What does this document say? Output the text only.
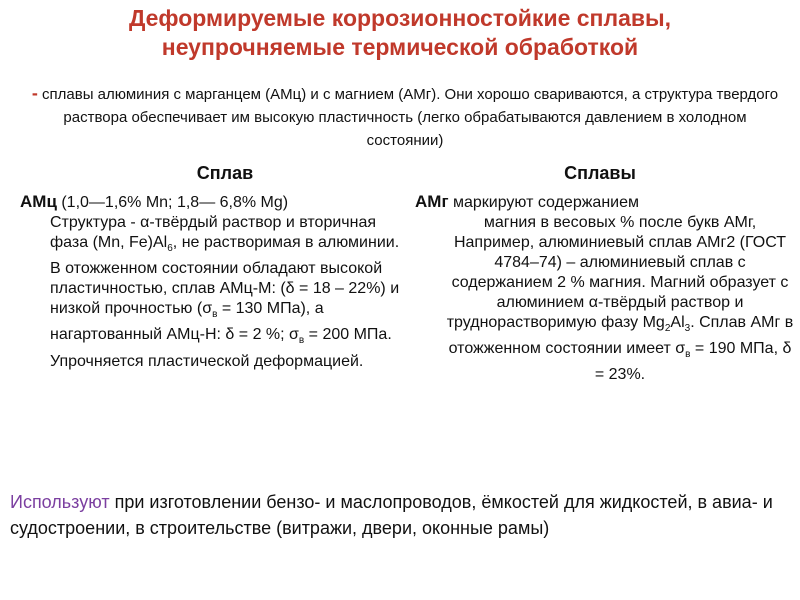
Деформируемые коррозионностойкие сплавы,
неупрочняемые термической обработкой
- сплавы алюминия с марганцем (АМц) и с магнием (АМг). Они хорошо свариваются, а структура твердого раствора обеспечивает им высокую пластичность (легко обрабатываются давлением в холодном состоянии)
Сплав	Сплавы
АМц (1,0—1,6% Mn; 1,8— 6,8% Mg)
Структура - α-твёрдый раствор и вторичная фаза (Mn, $Fe)Al_6$, не растворимая в алюминии. В отожженном состоянии обладают высокой пластичностью, сплав АМц-М: (δ = 18 – 22%) и низкой прочностью ($\sigma_в = 130$ МПа), а нагартованный АМц-Н: δ = 2 %; $\sigma_в = 200$ МПа. Упрочняется пластической деформацией.
АМг маркируют содержанием
магния в весовых % после букв АМг, Например, алюминиевый сплав АМг2 (ГОСТ 4784–74) – алюминиевый сплав с содержанием 2 % магния. Магний образует с алюминием α-твёрдый раствор и труднорастворимую фазу $Mg_2Al_3$. Сплав АМг в отожженном состоянии имеет $\sigma_в = 190$ МПа, δ = 23%.
Используют при изготовлении бензо- и маслопроводов, ёмкостей для жидкостей, в авиа- и судостроении, в строительстве (витражи, двери, оконные рамы)
